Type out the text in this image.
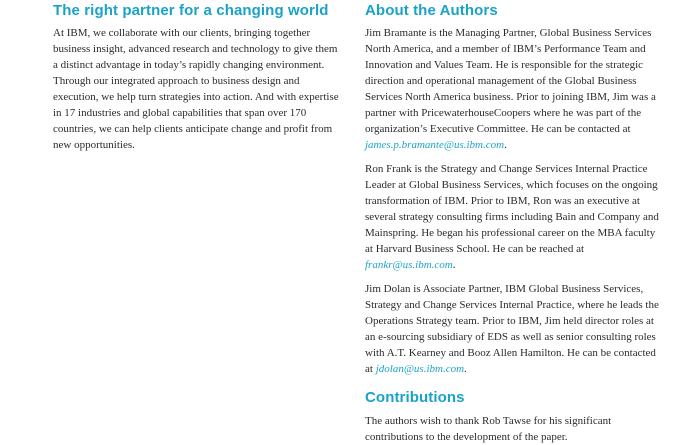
The right partner for a changing world

At IBM, we collaborate with our clients, bringing together business insight, advanced research and technology to give them a distinct advantage in today’s rapidly changing environment. Through our integrated approach to business design and execution, we help turn strategies into action. And with expertise in 17 industries and global capabilities that span over 170 countries, we can help clients anticipate change and profit from new opportunities.

About the Authors

Jim Bramante is the Managing Partner, Global Business Services North America, and a member of IBM’s Performance Team and Innovation and Values Team. He is responsible for the strategic direction and operational management of the Global Business Services North America business. Prior to joining IBM, Jim was a partner with PricewaterhouseCoopers where he was part of the organization’s Executive Committee. He can be contacted at james.p.bramante@us.ibm.com.

Ron Frank is the Strategy and Change Services Internal Practice Leader at Global Business Services, which focuses on the ongoing transformation of IBM. Prior to IBM, Ron was an executive at several strategy consulting firms including Bain and Company and Mainspring. He began his professional career on the MBA faculty at Harvard Business School. He can be reached at frankr@us.ibm.com.

Jim Dolan is Associate Partner, IBM Global Business Services, Strategy and Change Services Internal Practice, where he leads the Operations Strategy team. Prior to IBM, Jim held director roles at an e-sourcing subsidiary of EDS as well as senior consulting roles with A.T. Kearney and Booz Allen Hamilton. He can be contacted at jdolan@us.ibm.com.

Contributions

The authors wish to thank Rob Tawse for his significant contributions to the development of the paper.
